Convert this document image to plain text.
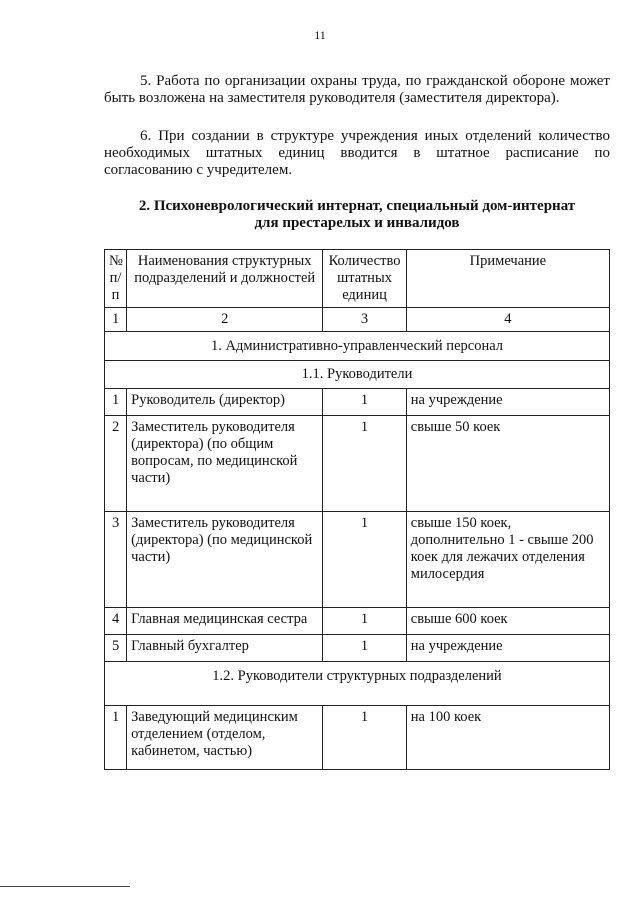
11

5. Работа по организации охраны труда, по гражданской обороне может быть возложена на заместителя руководителя (заместителя директора).

6. При создании в структуре учреждения иных отделений количество необходимых штатных единиц вводится в штатное расписание по

согласованию с учредителем.

2. Психоневрологический интернат, специальный дом-интернат
для престарелых и инвалидов
№ п/п	Наименования структурных подразделений и должностей	Количество штатных единиц	Примечание
1	2	3	4
1. Административно-управленческий персонал			
1.1. Руководители			
1	Руководитель (директор)	1	на учреждение
2	Заместитель руководителя (директора) (по общим вопросам, по медицинской части)	1	свыше 50 коек
3	Заместитель руководителя (директора) (по медицинской части)	1	свыше 150 коек, дополнительно 1 - свыше 200 коек для лежачих отделения милосердия
4	Главная медицинская сестра	1	свыше 600 коек
5	Главный бухгалтер	1	на учреждение
1.2. Руководители структурных подразделений			
1	Заведующий медицинским отделением (отделом, кабинетом, частью)	1	на 100 коек
